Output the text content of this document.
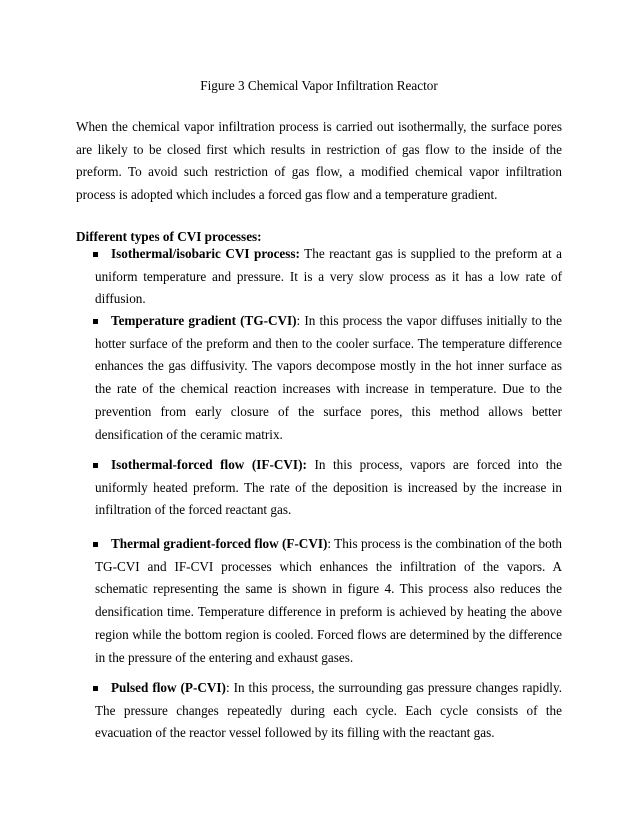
Figure 3 Chemical Vapor Infiltration Reactor

When the chemical vapor infiltration process is carried out isothermally, the surface pores are likely to be closed first which results in restriction of gas flow to the inside of the preform. To avoid such restriction of gas flow, a modified chemical vapor infiltration process is adopted which includes a forced gas flow and a temperature gradient.

Different types of CVI processes:

Isothermal/isobaric CVI process: The reactant gas is supplied to the preform at a uniform temperature and pressure. It is a very slow process as it has a low rate of diffusion.

Temperature gradient (TG-CVI): In this process the vapor diffuses initially to the hotter surface of the preform and then to the cooler surface. The temperature difference enhances the gas diffusivity. The vapors decompose mostly in the hot inner surface as the rate of the chemical reaction increases with increase in temperature. Due to the prevention from early closure of the surface pores, this method allows better densification of the ceramic matrix.

Isothermal-forced flow (IF-CVI): In this process, vapors are forced into the uniformly heated preform. The rate of the deposition is increased by the increase in infiltration of the forced reactant gas.

Thermal gradient-forced flow (F-CVI): This process is the combination of the both TG-CVI and IF-CVI processes which enhances the infiltration of the vapors. A schematic representing the same is shown in figure 4. This process also reduces the densification time. Temperature difference in preform is achieved by heating the above region while the bottom region is cooled. Forced flows are determined by the difference in the pressure of the entering and exhaust gases.

Pulsed flow (P-CVI): In this process, the surrounding gas pressure changes rapidly. The pressure changes repeatedly during each cycle. Each cycle consists of the evacuation of the reactor vessel followed by its filling with the reactant gas.
